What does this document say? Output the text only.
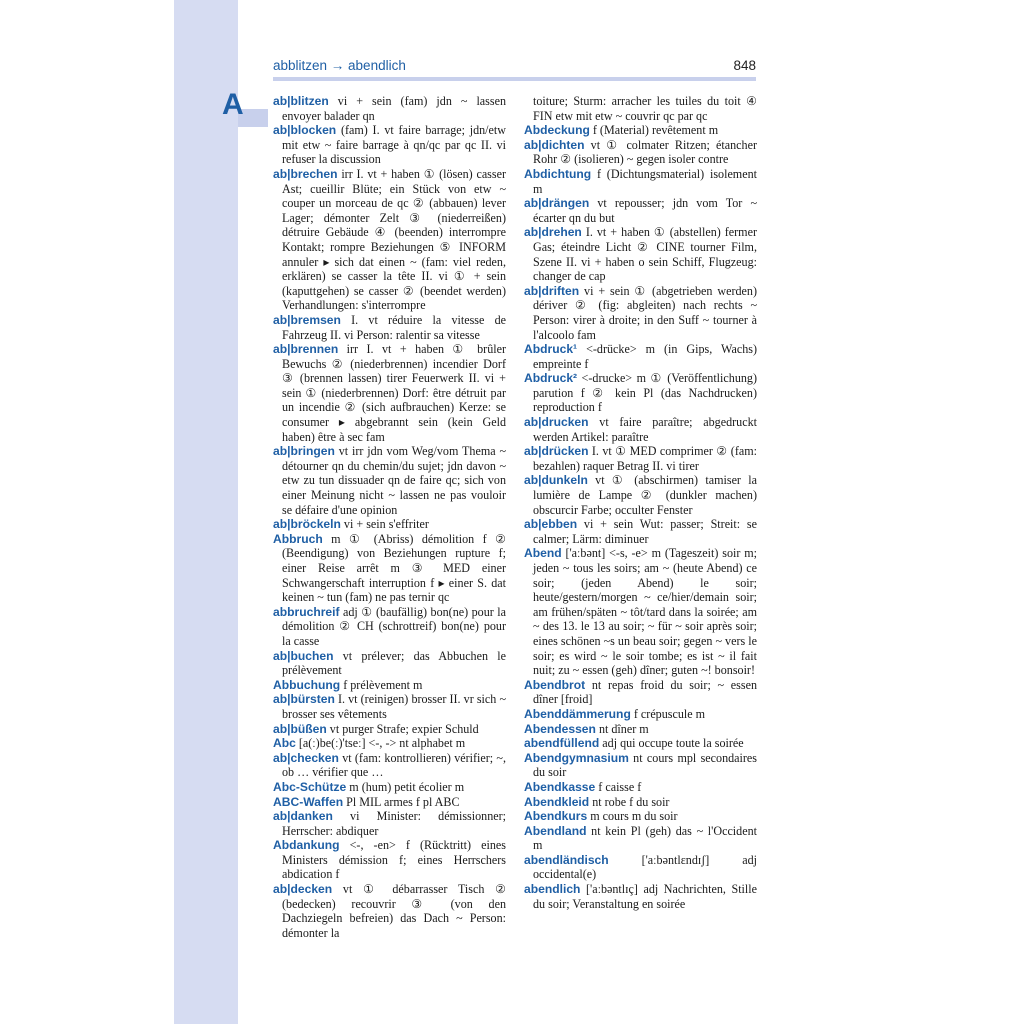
A
abblitzen → abendlich	848

ab|blitzen vi + sein (fam) jdn ~ lassen envoyer balader qn

ab|blocken (fam) I. vt faire barrage; jdn/etw mit etw ~ faire barrage à qn/qc par qc II. vi refuser la discussion

ab|brechen irr I. vt + haben ① (lösen) casser Ast; cueillir Blüte; ein Stück von etw ~ couper un morceau de qc ② (abbauen) lever Lager; démonter Zelt ③ (niederreißen) détruire Gebäude ④ (beenden) interrompre Kontakt; rompre Beziehungen ⑤ INFORM annuler ▸ sich dat einen ~ (fam: viel reden, erklären) se casser la tête II. vi ① + sein (kaputtgehen) se casser ② (beendet werden) Verhandlungen: s'interrompre

ab|bremsen I. vt réduire la vitesse de Fahrzeug II. vi Person: ralentir sa vitesse

ab|brennen irr I. vt + haben ① brûler Bewuchs ② (niederbrennen) incendier Dorf ③ (brennen lassen) tirer Feuerwerk II. vi + sein ① (niederbrennen) Dorf: être détruit par un incendie ② (sich aufbrauchen) Kerze: se consumer ▸ abgebrannt sein (kein Geld haben) être à sec fam

ab|bringen vt irr jdn vom Weg/vom Thema ~ détourner qn du chemin/du sujet; jdn davon ~ etw zu tun dissuader qn de faire qc; sich von einer Meinung nicht ~ lassen ne pas vouloir se défaire d'une opinion

ab|bröckeln vi + sein s'effriter

Abbruch m ① (Abriss) démolition f ② (Beendigung) von Beziehungen rupture f; einer Reise arrêt m ③ MED einer Schwangerschaft interruption f ▸ einer S. dat keinen ~ tun (fam) ne pas ternir qc

abbruchreif adj ① (baufällig) bon(ne) pour la démolition ② CH (schrottreif) bon(ne) pour la casse

ab|buchen vt prélever; das Abbuchen le prélèvement

Abbuchung f prélèvement m

ab|bürsten I. vt (reinigen) brosser II. vr sich ~ brosser ses vêtements

ab|büßen vt purger Strafe; expier Schuld

Abc [a(ː)be(ː)'tseː] <-, -> nt alphabet m

ab|checken vt (fam: kontrollieren) vérifier; ~, ob … vérifier que …

Abc-Schütze m (hum) petit écolier m

ABC-Waffen Pl MIL armes f pl ABC

ab|danken vi Minister: démissionner; Herrscher: abdiquer

Abdankung <-, -en> f (Rücktritt) eines Ministers démission f; eines Herrschers abdication f

ab|decken vt ① débarrasser Tisch ② (bedecken) recouvrir ③ (von den Dachziegeln befreien) das Dach ~ Person: démonter la

toiture; Sturm: arracher les tuiles du toit ④ FIN etw mit etw ~ couvrir qc par qc

Abdeckung f (Material) revêtement m

ab|dichten vt ① colmater Ritzen; étancher Rohr ② (isolieren) ~ gegen isoler contre

Abdichtung f (Dichtungsmaterial) isolement m

ab|drängen vt repousser; jdn vom Tor ~ écarter qn du but

ab|drehen I. vt + haben ① (abstellen) fermer Gas; éteindre Licht ② CINE tourner Film, Szene II. vi + haben o sein Schiff, Flugzeug: changer de cap

ab|driften vi + sein ① (abgetrieben werden) dériver ② (fig: abgleiten) nach rechts ~ Person: virer à droite; in den Suff ~ tourner à l'alcoolo fam

Abdruck¹ <-drücke> m (in Gips, Wachs) empreinte f

Abdruck² <-drucke> m ① (Veröffentlichung) parution f ② kein Pl (das Nachdrucken) reproduction f

ab|drucken vt faire paraître; abgedruckt werden Artikel: paraître

ab|drücken I. vt ① MED comprimer ② (fam: bezahlen) raquer Betrag II. vi tirer

ab|dunkeln vt ① (abschirmen) tamiser la lumière de Lampe ② (dunkler machen) obscurcir Farbe; occulter Fenster

ab|ebben vi + sein Wut: passer; Streit: se calmer; Lärm: diminuer

Abend ['aːbənt] <-s, -e> m (Tageszeit) soir m; jeden ~ tous les soirs; am ~ (heute Abend) ce soir; (jeden Abend) le soir; heute/gestern/morgen ~ ce/hier/demain soir; am frühen/späten ~ tôt/tard dans la soirée; am ~ des 13. le 13 au soir; ~ für ~ soir après soir; eines schönen ~s un beau soir; gegen ~ vers le soir; es wird ~ le soir tombe; es ist ~ il fait nuit; zu ~ essen (geh) dîner; guten ~! bonsoir!

Abendbrot nt repas froid du soir; ~ essen dîner [froid]

Abenddämmerung f crépuscule m

Abendessen nt dîner m

abendfüllend adj qui occupe toute la soirée

Abendgymnasium nt cours mpl secondaires du soir

Abendkasse f caisse f

Abendkleid nt robe f du soir

Abendkurs m cours m du soir

Abendland nt kein Pl (geh) das ~ l'Occident m

abendländisch ['aːbəntlɛndɪʃ] adj occidental(e)

abendlich ['aːbəntlɪç] adj Nachrichten, Stille du soir; Veranstaltung en soirée
